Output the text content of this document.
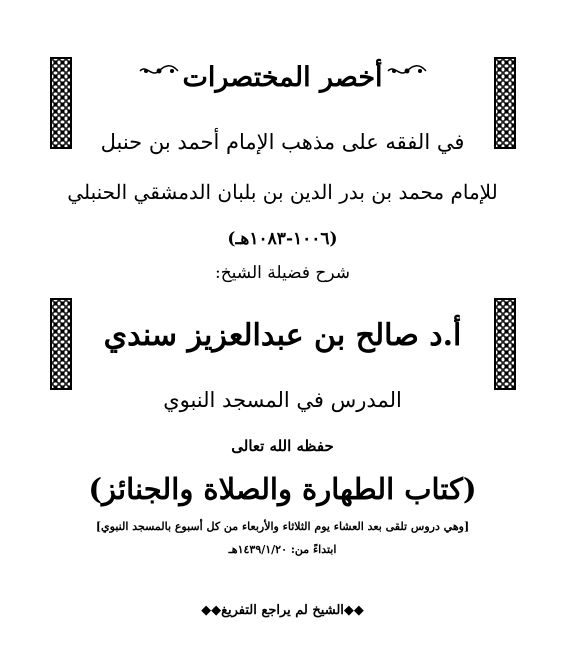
أخصر المختصرات
في الفقه على مذهب الإمام أحمد بن حنبل
للإمام محمد بن بدر الدين بن بلبان الدمشقي الحنبلي
(١٠٠٦-١٠٨٣هـ)
شرح فضيلة الشيخ:
أ.د صالح بن عبدالعزيز سندي
المدرس في المسجد النبوي
حفظه الله تعالى
(كتاب الطهارة والصلاة والجنائز)
[وهي دروس تلقى بعد العشاء يوم الثلاثاء والأربعاء من كل أسبوع بالمسجد النبوي]
ابتداءً من: ١٤٣٩/١/٢٠هـ
◆◆الشيخ لم يراجع التفريغ◆◆
